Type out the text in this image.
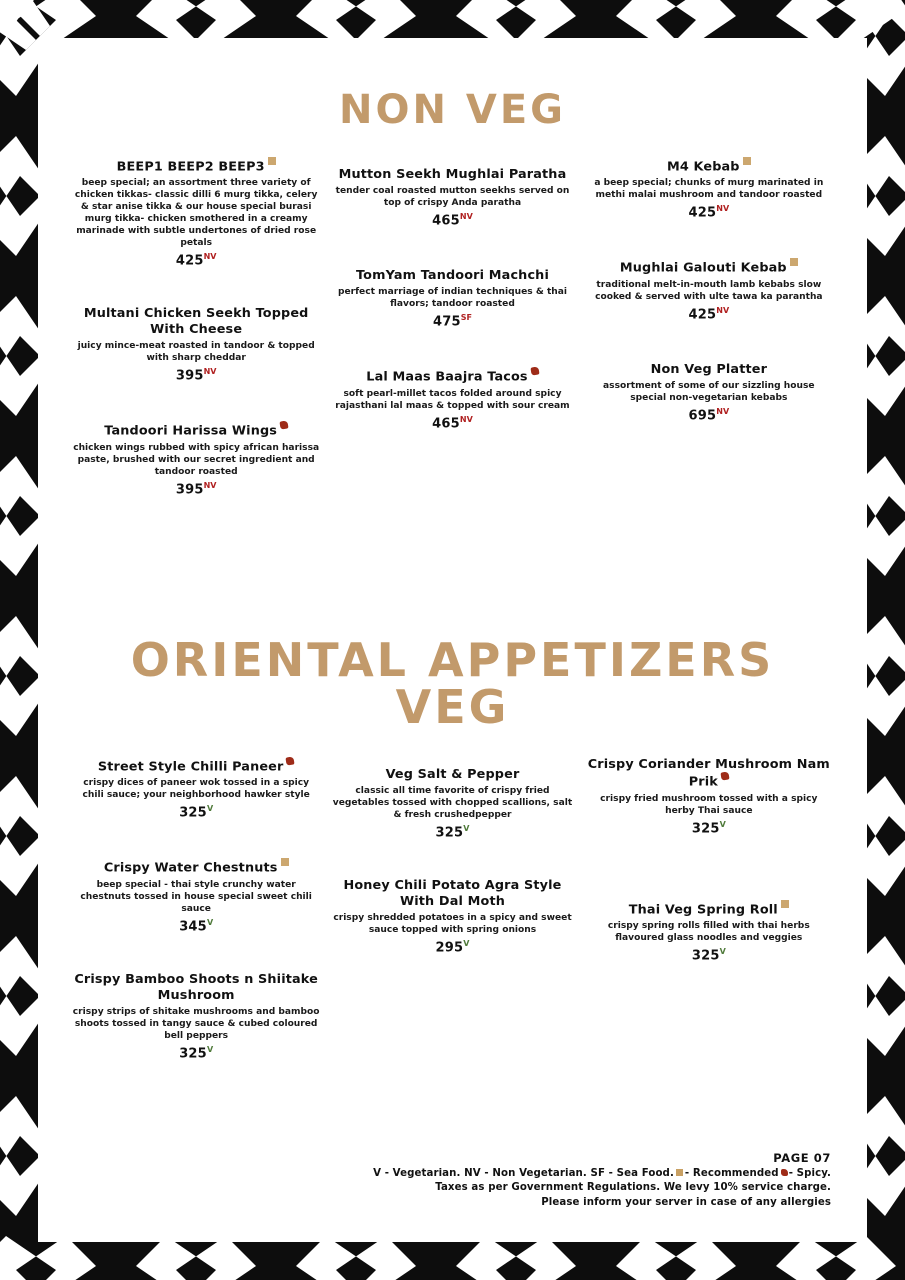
NON VEG
BEEP1 BEEP2 BEEP3
beep special; an assortment three variety of chicken tikkas- classic dilli 6 murg tikka, celery & star anise tikka & our house special burasi murg tikka- chicken smothered in a creamy marinade with subtle undertones of dried rose petals
$425^{NV}$
Multani Chicken Seekh Topped With Cheese
juicy mince-meat roasted in tandoor & topped with sharp cheddar
$395^{NV}$
Tandoori Harissa Wings
chicken wings rubbed with spicy african harissa paste, brushed with our secret ingredient and tandoor roasted
$395^{NV}$
Mutton Seekh Mughlai Paratha
tender coal roasted mutton seekhs served on top of crispy Anda paratha
$465^{NV}$
TomYam Tandoori Machchi
perfect marriage of indian techniques & thai flavors; tandoor roasted
$475^{SF}$
Lal Maas Baajra Tacos
soft pearl-millet tacos folded around spicy rajasthani lal maas & topped with sour cream
$465^{NV}$
M4 Kebab
a beep special; chunks of murg marinated in methi malai mushroom and tandoor roasted
$425^{NV}$
Mughlai Galouti Kebab
traditional melt-in-mouth lamb kebabs slow cooked & served with ulte tawa ka parantha
$425^{NV}$
Non Veg Platter
assortment of some of our sizzling house special non-vegetarian kebabs
$695^{NV}$
ORIENTAL APPETIZERS
VEG
Street Style Chilli Paneer
crispy dices of paneer wok tossed in a spicy chili sauce; your neighborhood hawker style
$325^V$
Crispy Water Chestnuts
beep special - thai style crunchy water chestnuts tossed in house special sweet chili sauce
$345^V$
Crispy Bamboo Shoots n Shiitake Mushroom
crispy strips of shitake mushrooms and bamboo shoots tossed in tangy sauce & cubed coloured bell peppers
$325^V$
Veg Salt & Pepper
classic all time favorite of crispy fried vegetables tossed with chopped scallions, salt & fresh crushedpepper
$325^V$
Honey Chili Potato Agra Style With Dal Moth
crispy shredded potatoes in a spicy and sweet sauce topped with spring onions
$295^V$
Crispy Coriander Mushroom Nam Prik
crispy fried mushroom tossed with a spicy herby Thai sauce
$325^V$
Thai Veg Spring Roll
crispy spring rolls filled with thai herbs flavoured glass noodles and veggies
$325^V$
PAGE 07
V - Vegetarian. NV - Non Vegetarian. SF - Sea Food. - Recommended - Spicy.
Taxes as per Government Regulations. We levy 10% service charge.
Please inform your server in case of any allergies
